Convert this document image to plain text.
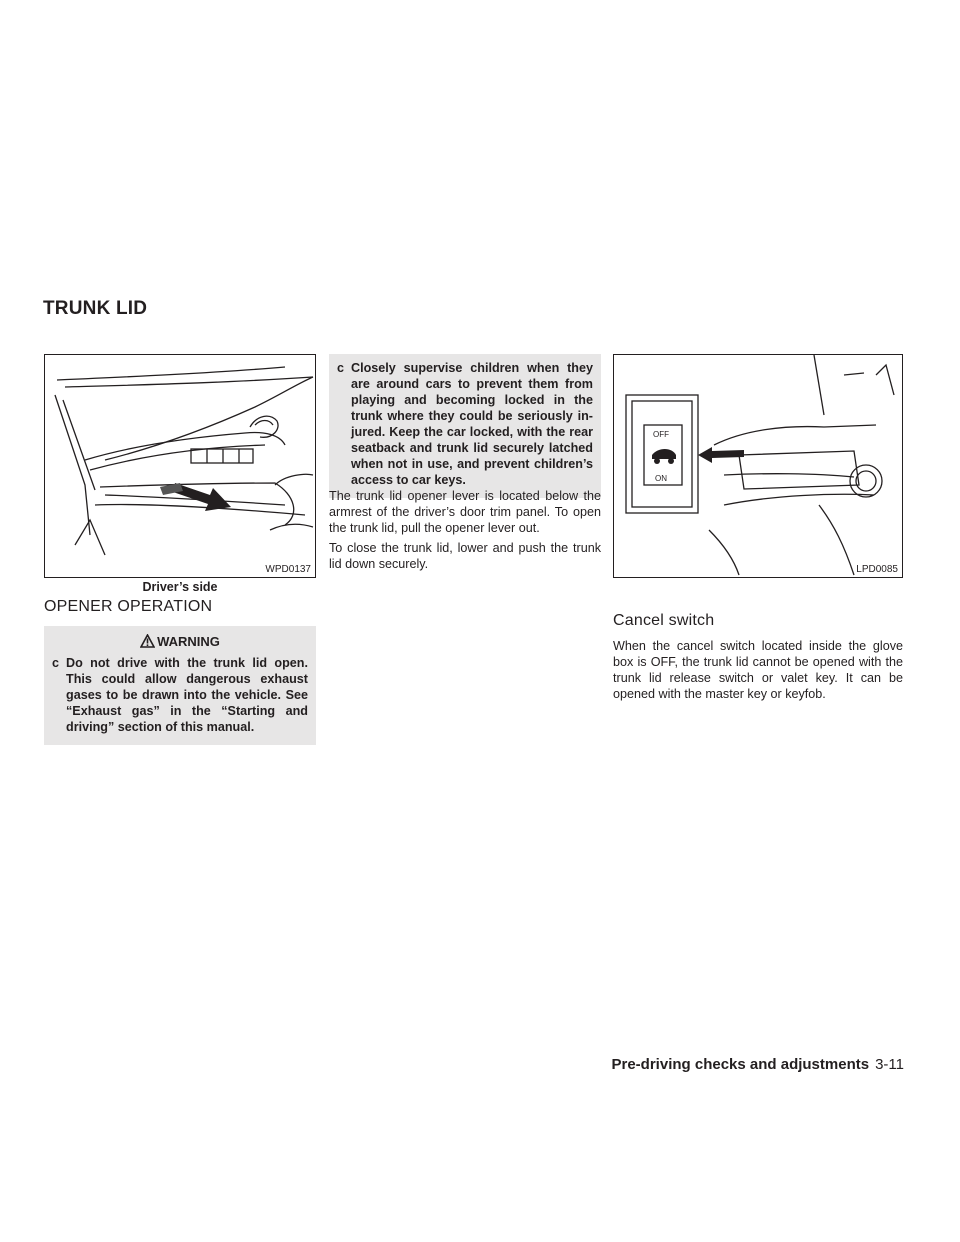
TRUNK LID
WPD0137
Driver’s side
OPENER OPERATION
WARNING

c Do not drive with the trunk lid open. This could allow dangerous exhaust gases to be drawn into the vehicle. See “Exhaust gas” in the “Starting and driving” section of this manual.

c Closely supervise children when they are around cars to prevent them from playing and becoming locked in the trunk where they could be seriously injured. Keep the car locked, with the rear seatback and trunk lid securely latched when not in use, and prevent children’s access to car keys.

The trunk lid opener lever is located below the armrest of the driver’s door trim panel. To open the trunk lid, pull the opener lever out.

To close the trunk lid, lower and push the trunk lid down securely.

OFF
ON
LPD0085
Cancel switch

When the cancel switch located inside the glove box is OFF, the trunk lid cannot be opened with the trunk lid release switch or valet key. It can be opened with the master key or keyfob.

Pre-driving checks and adjustments 3-11
